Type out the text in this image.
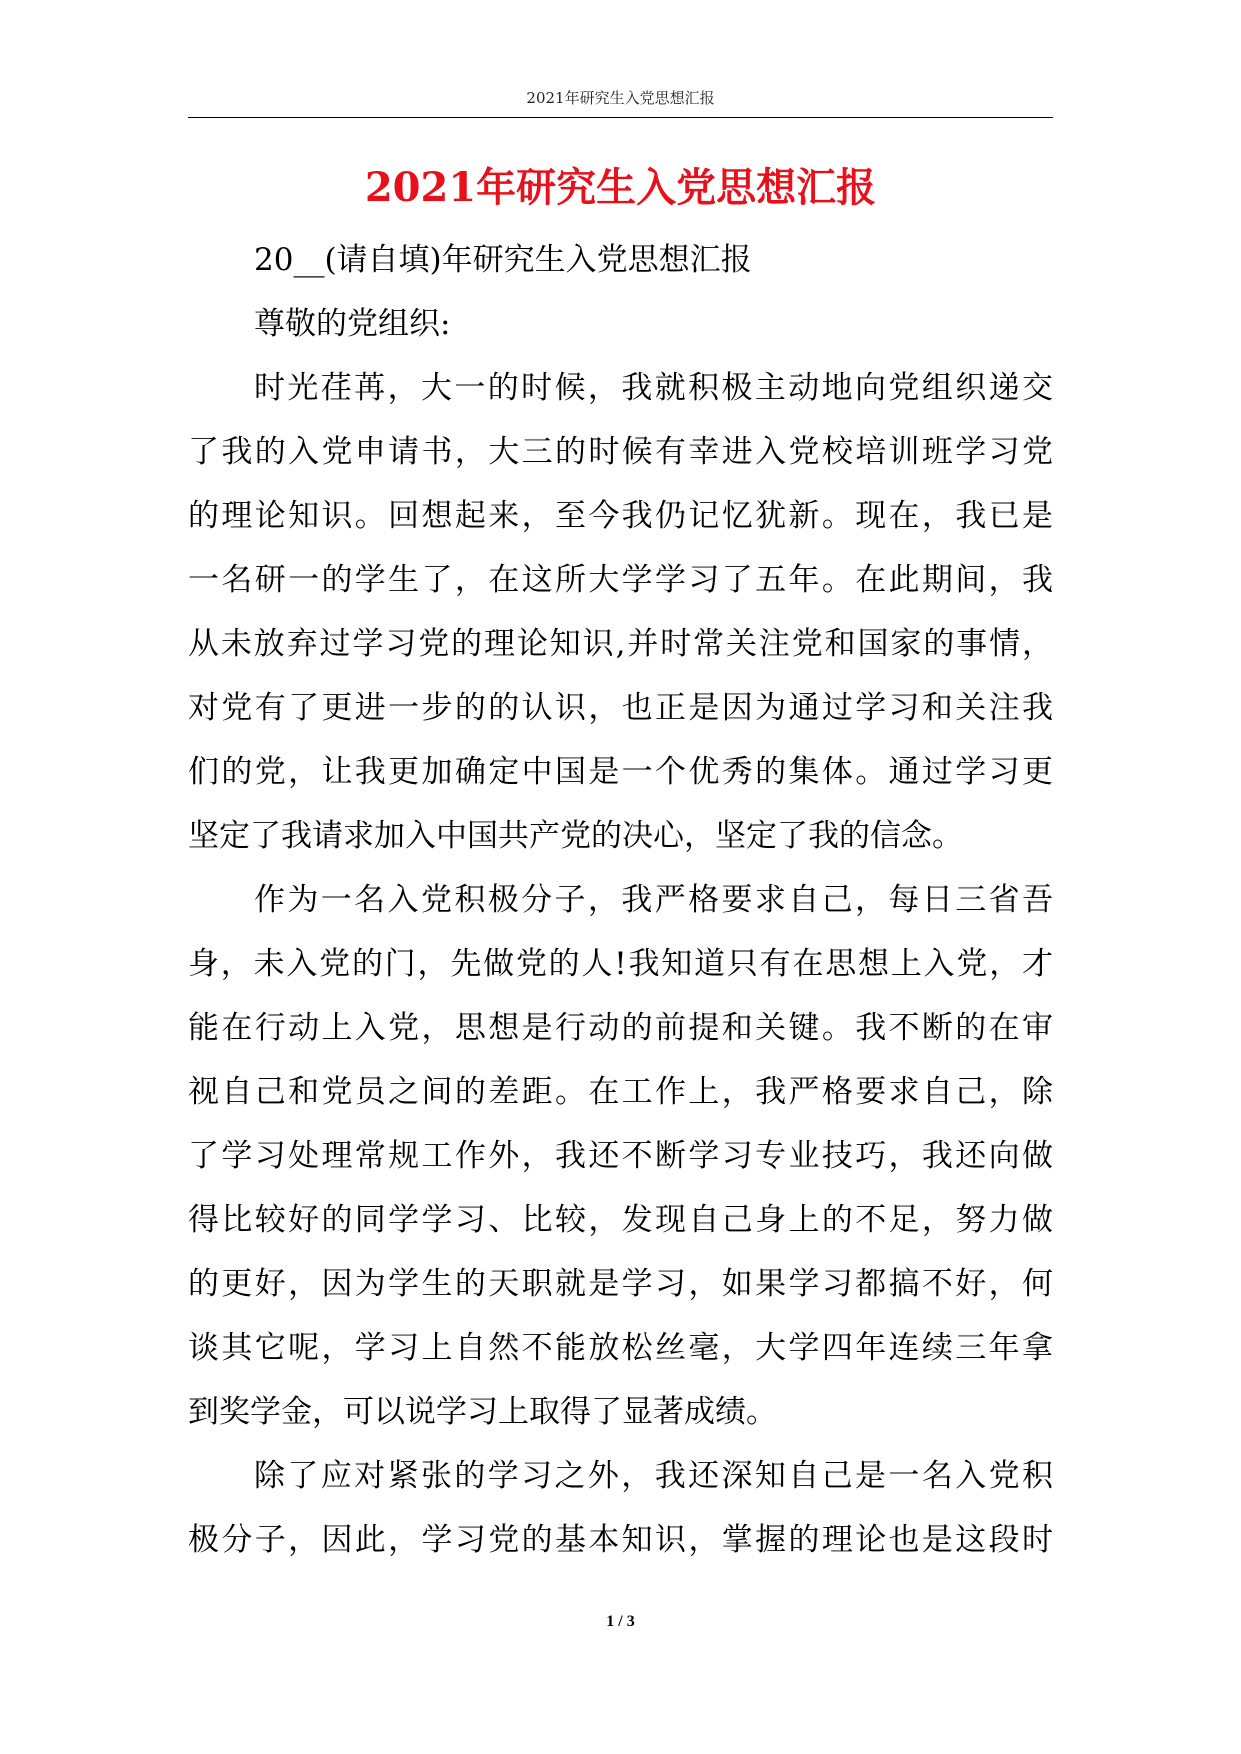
2021年研究生入党思想汇报
2021年研究生入党思想汇报
20__(请自填)年研究生入党思想汇报
尊敬的党组织:
时光荏苒，大一的时候，我就积极主动地向党组织递交
了我的入党申请书，大三的时候有幸进入党校培训班学习党
的理论知识。回想起来，至今我仍记忆犹新。现在，我已是
一名研一的学生了，在这所大学学习了五年。在此期间，我
从未放弃过学习党的理论知识,并时常关注党和国家的事情，
对党有了更进一步的的认识，也正是因为通过学习和关注我
们的党，让我更加确定中国是一个优秀的集体。通过学习更
坚定了我请求加入中国共产党的决心，坚定了我的信念。
作为一名入党积极分子，我严格要求自己，每日三省吾
身，未入党的门，先做党的人!我知道只有在思想上入党，才
能在行动上入党，思想是行动的前提和关键。我不断的在审
视自己和党员之间的差距。在工作上，我严格要求自己，除
了学习处理常规工作外，我还不断学习专业技巧，我还向做
得比较好的同学学习、比较，发现自己身上的不足，努力做
的更好，因为学生的天职就是学习，如果学习都搞不好，何
谈其它呢，学习上自然不能放松丝毫，大学四年连续三年拿
到奖学金，可以说学习上取得了显著成绩。
除了应对紧张的学习之外，我还深知自己是一名入党积
极分子，因此，学习党的基本知识，掌握的理论也是这段时
1 / 3
